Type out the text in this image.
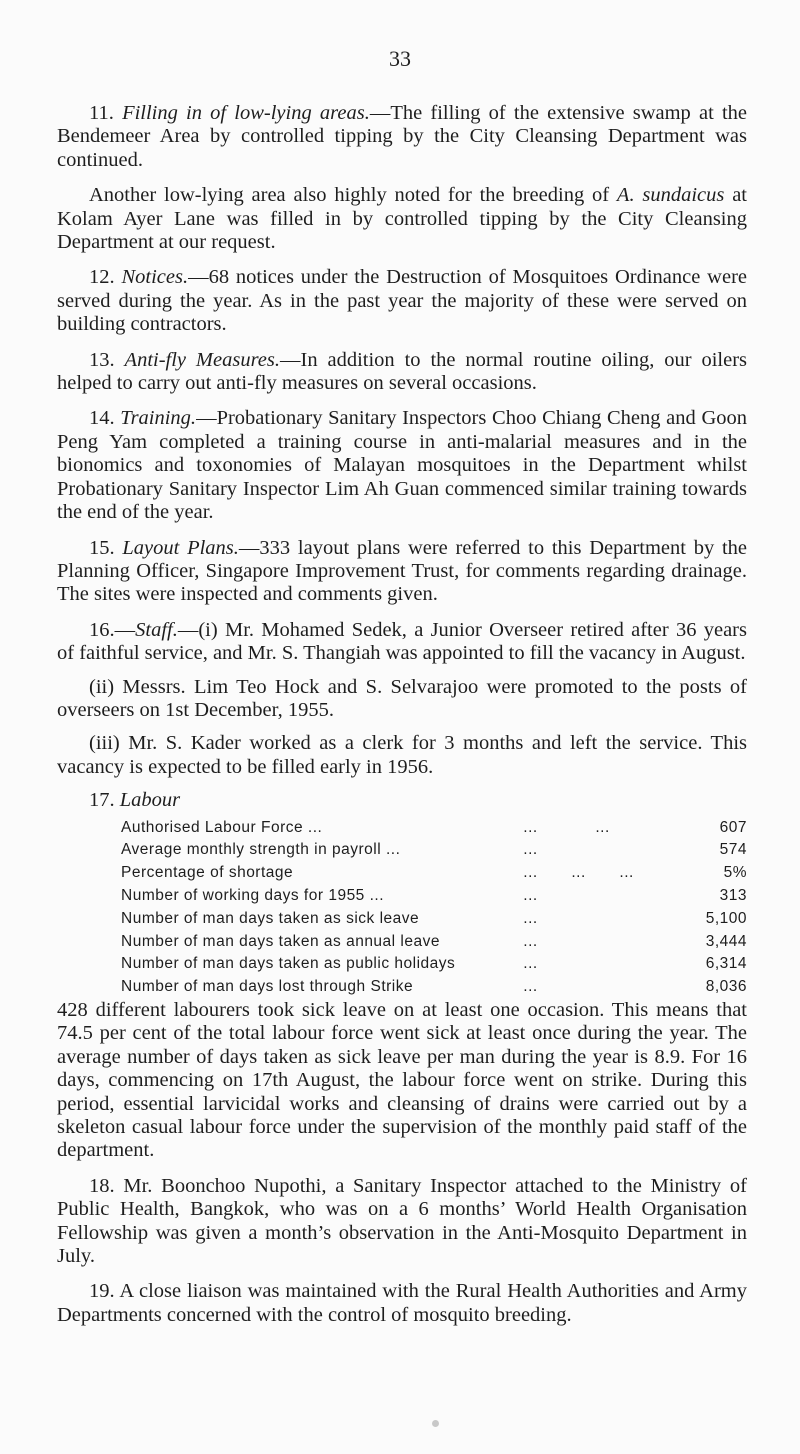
33

11. Filling in of low-lying areas.—The filling of the extensive swamp at the Bendemeer Area by controlled tipping by the City Cleansing Department was continued.

Another low-lying area also highly noted for the breeding of A. sundaicus at Kolam Ayer Lane was filled in by controlled tipping by the City Cleansing Department at our request.

12. Notices.—68 notices under the Destruction of Mosquitoes Ordinance were served during the year. As in the past year the majority of these were served on building contractors.

13. Anti-fly Measures.—In addition to the normal routine oiling, our oilers helped to carry out anti-fly measures on several occasions.

14. Training.—Probationary Sanitary Inspectors Choo Chiang Cheng and Goon Peng Yam completed a training course in anti-malarial measures and in the bionomics and toxonomies of Malayan mosquitoes in the Department whilst Probationary Sanitary Inspector Lim Ah Guan commenced similar training towards the end of the year.

15. Layout Plans.—333 layout plans were referred to this Department by the Planning Officer, Singapore Improvement Trust, for comments regarding drainage. The sites were inspected and comments given.

16.—Staff.—(i) Mr. Mohamed Sedek, a Junior Overseer retired after 36 years of faithful service, and Mr. S. Thangiah was appointed to fill the vacancy in August.

(ii) Messrs. Lim Teo Hock and S. Selvarajoo were promoted to the posts of overseers on 1st December, 1955.

(iii) Mr. S. Kader worked as a clerk for 3 months and left the service. This vacancy is expected to be filled early in 1956.

17. Labour

Authorised Labour Force ...	...            ...	607
Average monthly strength in payroll ...	...	574
Percentage of shortage	...       ...       ...	5%
Number of working days for 1955 ...	...	313
Number of man days taken as sick leave	...	5,100
Number of man days taken as annual leave	...	3,444
Number of man days taken as public holidays	...	6,314
Number of man days lost through Strike	...	8,036

428 different labourers took sick leave on at least one occasion. This means that 74.5 per cent of the total labour force went sick at least once during the year. The average number of days taken as sick leave per man during the year is 8.9. For 16 days, commencing on 17th August, the labour force went on strike. During this period, essential larvicidal works and cleansing of drains were carried out by a skeleton casual labour force under the supervision of the monthly paid staff of the department.

18. Mr. Boonchoo Nupothi, a Sanitary Inspector attached to the Ministry of Public Health, Bangkok, who was on a 6 months’ World Health Organisation Fellowship was given a month’s observation in the Anti-Mosquito Department in July.

19. A close liaison was maintained with the Rural Health Authorities and Army Departments concerned with the control of mosquito breeding.
